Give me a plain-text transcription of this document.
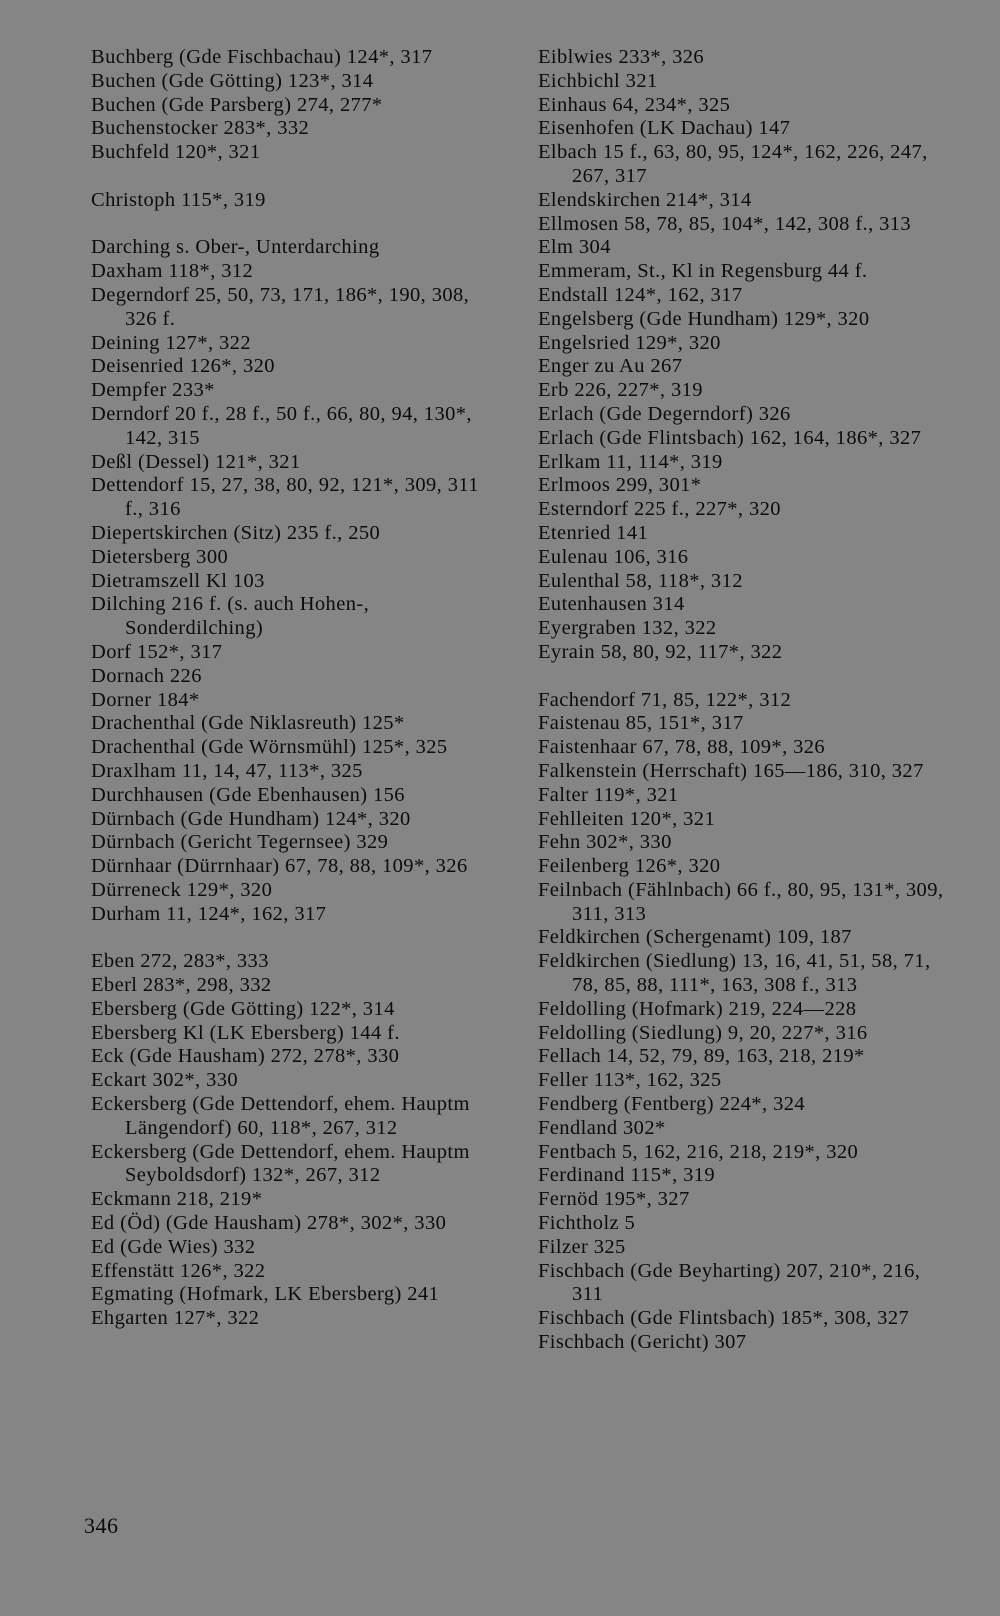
Buchberg (Gde Fischbachau) 124*, 317
Buchen (Gde Götting) 123*, 314
Buchen (Gde Parsberg) 274, 277*
Buchenstocker 283*, 332
Buchfeld 120*, 321
Christoph 115*, 319
Darching s. Ober-, Unterdarching
Daxham 118*, 312
Degerndorf 25, 50, 73, 171, 186*, 190, 308, 326 f.
Deining 127*, 322
Deisenried 126*, 320
Dempfer 233*
Derndorf 20 f., 28 f., 50 f., 66, 80, 94, 130*, 142, 315
Deßl (Dessel) 121*, 321
Dettendorf 15, 27, 38, 80, 92, 121*, 309, 311 f., 316
Diepertskirchen (Sitz) 235 f., 250
Dietersberg 300
Dietramszell Kl 103
Dilching 216 f. (s. auch Hohen-, Sonderdilching)
Dorf 152*, 317
Dornach 226
Dorner 184*
Drachenthal (Gde Niklasreuth) 125*
Drachenthal (Gde Wörnsmühl) 125*, 325
Draxlham 11, 14, 47, 113*, 325
Durchhausen (Gde Ebenhausen) 156
Dürnbach (Gde Hundham) 124*, 320
Dürnbach (Gericht Tegernsee) 329
Dürnhaar (Dürrnhaar) 67, 78, 88, 109*, 326
Dürreneck 129*, 320
Durham 11, 124*, 162, 317
Eben 272, 283*, 333
Eberl 283*, 298, 332
Ebersberg (Gde Götting) 122*, 314
Ebersberg Kl (LK Ebersberg) 144 f.
Eck (Gde Hausham) 272, 278*, 330
Eckart 302*, 330
Eckersberg (Gde Dettendorf, ehem. Hauptm Längendorf) 60, 118*, 267, 312
Eckersberg (Gde Dettendorf, ehem. Hauptm Seyboldsdorf) 132*, 267, 312
Eckmann 218, 219*
Ed (Öd) (Gde Hausham) 278*, 302*, 330
Ed (Gde Wies) 332
Effenstätt 126*, 322
Egmating (Hofmark, LK Ebersberg) 241
Ehgarten 127*, 322
Eiblwies 233*, 326
Eichbichl 321
Einhaus 64, 234*, 325
Eisenhofen (LK Dachau) 147
Elbach 15 f., 63, 80, 95, 124*, 162, 226, 247, 267, 317
Elendskirchen 214*, 314
Ellmosen 58, 78, 85, 104*, 142, 308 f., 313
Elm 304
Emmeram, St., Kl in Regensburg 44 f.
Endstall 124*, 162, 317
Engelsberg (Gde Hundham) 129*, 320
Engelsried 129*, 320
Enger zu Au 267
Erb 226, 227*, 319
Erlach (Gde Degerndorf) 326
Erlach (Gde Flintsbach) 162, 164, 186*, 327
Erlkam 11, 114*, 319
Erlmoos 299, 301*
Esterndorf 225 f., 227*, 320
Etenried 141
Eulenau 106, 316
Eulenthal 58, 118*, 312
Eutenhausen 314
Eyergraben 132, 322
Eyrain 58, 80, 92, 117*, 322
Fachendorf 71, 85, 122*, 312
Faistenau 85, 151*, 317
Faistenhaar 67, 78, 88, 109*, 326
Falkenstein (Herrschaft) 165—186, 310, 327
Falter 119*, 321
Fehlleiten 120*, 321
Fehn 302*, 330
Feilenberg 126*, 320
Feilnbach (Fählnbach) 66 f., 80, 95, 131*, 309, 311, 313
Feldkirchen (Schergenamt) 109, 187
Feldkirchen (Siedlung) 13, 16, 41, 51, 58, 71, 78, 85, 88, 111*, 163, 308 f., 313
Feldolling (Hofmark) 219, 224—228
Feldolling (Siedlung) 9, 20, 227*, 316
Fellach 14, 52, 79, 89, 163, 218, 219*
Feller 113*, 162, 325
Fendberg (Fentberg) 224*, 324
Fendland 302*
Fentbach 5, 162, 216, 218, 219*, 320
Ferdinand 115*, 319
Fernöd 195*, 327
Fichtholz 5
Filzer 325
Fischbach (Gde Beyharting) 207, 210*, 216, 311
Fischbach (Gde Flintsbach) 185*, 308, 327
Fischbach (Gericht) 307
346
